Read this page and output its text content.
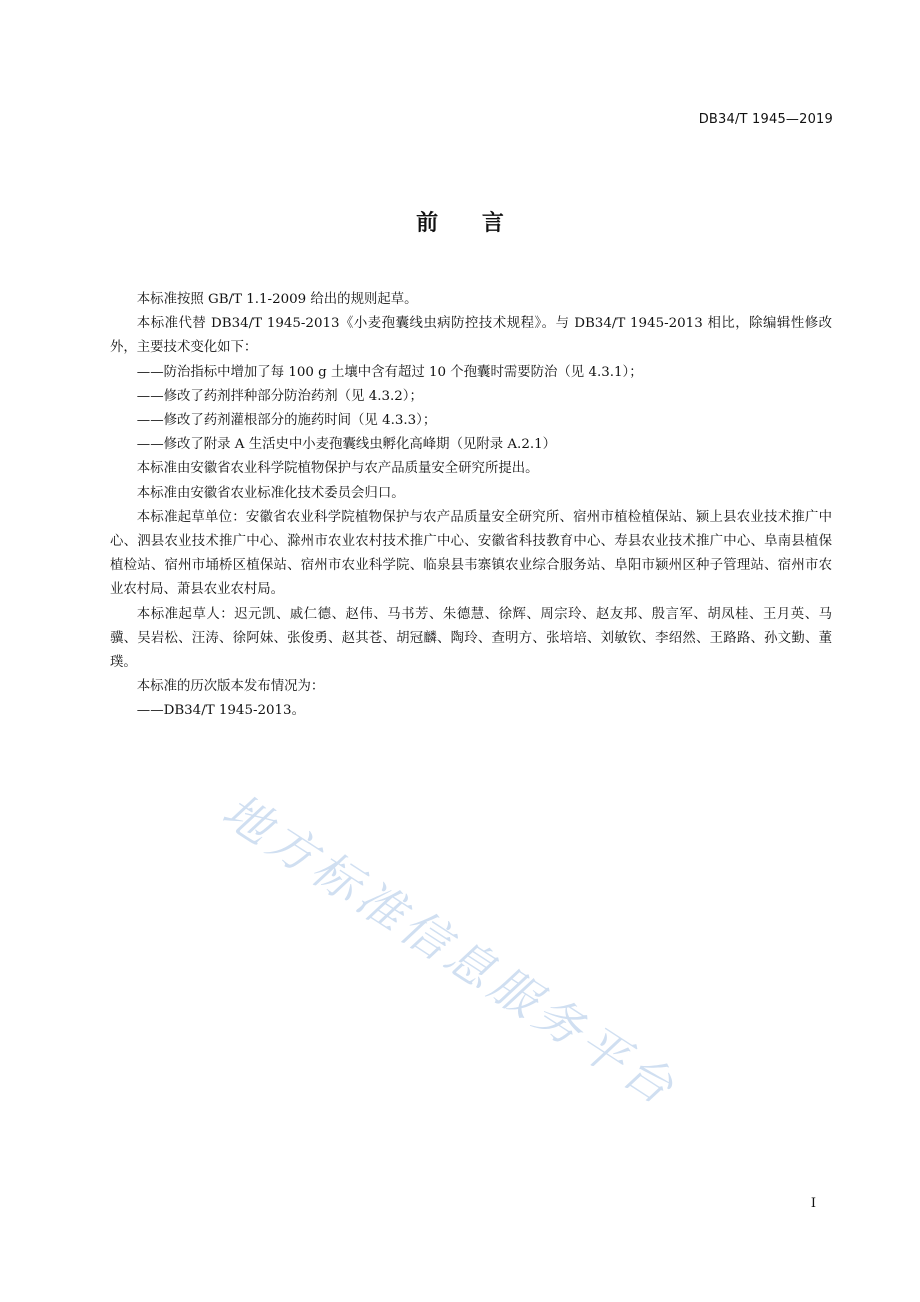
DB34/T 1945—2019
前 言

本标准按照 GB/T 1.1-2009 给出的规则起草。

本标准代替 DB34/T 1945-2013《小麦孢囊线虫病防控技术规程》。与 DB34/T 1945-2013 相比，除编辑性修改外，主要技术变化如下：

——防治指标中增加了每 100 g 土壤中含有超过 10 个孢囊时需要防治（见 4.3.1）；

——修改了药剂拌种部分防治药剂（见 4.3.2）；

——修改了药剂灌根部分的施药时间（见 4.3.3）；

——修改了附录 A 生活史中小麦孢囊线虫孵化高峰期（见附录 A.2.1）

本标准由安徽省农业科学院植物保护与农产品质量安全研究所提出。

本标准由安徽省农业标准化技术委员会归口。

本标准起草单位：安徽省农业科学院植物保护与农产品质量安全研究所、宿州市植检植保站、颍上县农业技术推广中心、泗县农业技术推广中心、滁州市农业农村技术推广中心、安徽省科技教育中心、寿县农业技术推广中心、阜南县植保植检站、宿州市埇桥区植保站、宿州市农业科学院、临泉县韦寨镇农业综合服务站、阜阳市颍州区种子管理站、宿州市农业农村局、萧县农业农村局。

本标准起草人：迟元凯、戚仁德、赵伟、马书芳、朱德慧、徐辉、周宗玲、赵友邦、殷言军、胡凤桂、王月英、马骥、吴岩松、汪涛、徐阿妹、张俊勇、赵其苍、胡冠麟、陶玲、查明方、张培培、刘敏钦、李绍然、王路路、孙文勤、董璞。

本标准的历次版本发布情况为：

——DB34/T 1945-2013。

地方标准信息服务平台
I
